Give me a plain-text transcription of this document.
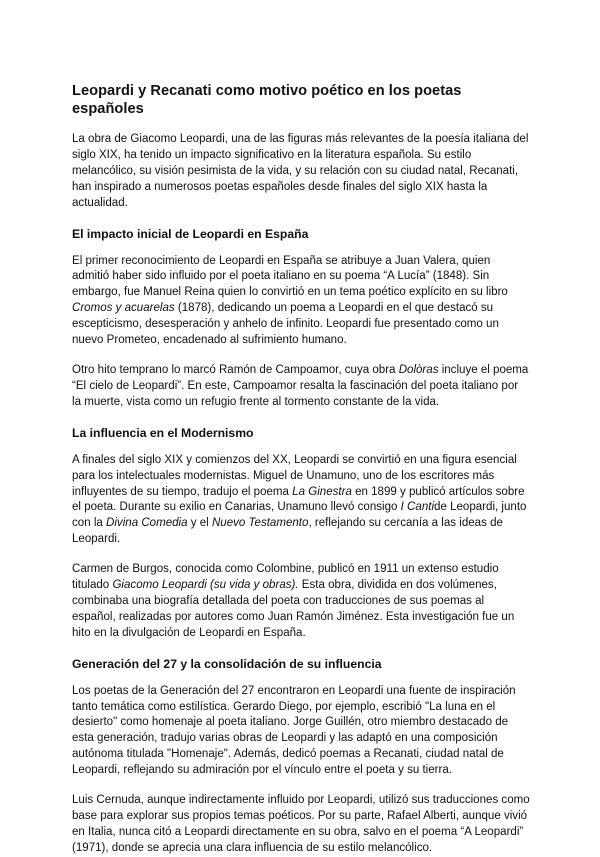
Leopardi y Recanati como motivo poético en los poetas españoles

La obra de Giacomo Leopardi, una de las figuras más relevantes de la poesía italiana del siglo XIX, ha tenido un impacto significativo en la literatura española. Su estilo melancólico, su visión pesimista de la vida, y su relación con su ciudad natal, Recanati, han inspirado a numerosos poetas españoles desde finales del siglo XIX hasta la actualidad.

El impacto inicial de Leopardi en España

El primer reconocimiento de Leopardi en España se atribuye a Juan Valera, quien admitió haber sido influido por el poeta italiano en su poema “A Lucía” (1848). Sin embargo, fue Manuel Reina quien lo convirtió en un tema poético explícito en su libro Cromos y acuarelas (1878), dedicando un poema a Leopardi en el que destacó su escepticismo, desesperación y anhelo de infinito. Leopardi fue presentado como un nuevo Prometeo, encadenado al sufrimiento humano.

Otro hito temprano lo marcó Ramón de Campoamor, cuya obra Dolòras incluye el poema “El cielo de Leopardi”. En este, Campoamor resalta la fascinación del poeta italiano por la muerte, vista como un refugio frente al tormento constante de la vida.

La influencia en el Modernismo

A finales del siglo XIX y comienzos del XX, Leopardi se convirtió en una figura esencial para los intelectuales modernistas. Miguel de Unamuno, uno de los escritores más influyentes de su tiempo, tradujo el poema La Ginestra en 1899 y publicó artículos sobre el poeta. Durante su exilio en Canarias, Unamuno llevó consigo I Cantide Leopardi, junto con la Divina Comedia y el Nuevo Testamento, reflejando su cercanía a las ideas de Leopardi.

Carmen de Burgos, conocida como Colombine, publicó en 1911 un extenso estudio titulado Giacomo Leopardi (su vida y obras). Esta obra, dividida en dos volúmenes, combinaba una biografía detallada del poeta con traducciones de sus poemas al español, realizadas por autores como Juan Ramón Jiménez. Esta investigación fue un hito en la divulgación de Leopardi en España.

Generación del 27 y la consolidación de su influencia

Los poetas de la Generación del 27 encontraron en Leopardi una fuente de inspiración tanto temática como estilística. Gerardo Diego, por ejemplo, escribió "La luna en el desierto" como homenaje al poeta italiano. Jorge Guillén, otro miembro destacado de esta generación, tradujo varias obras de Leopardi y las adaptó en una composición autónoma titulada "Homenaje". Además, dedicó poemas a Recanati, ciudad natal de Leopardi, reflejando su admiración por el vínculo entre el poeta y su tierra.

Luis Cernuda, aunque indirectamente influido por Leopardi, utilizó sus traducciones como base para explorar sus propios temas poéticos. Por su parte, Rafael Alberti, aunque vivió en Italia, nunca citó a Leopardi directamente en su obra, salvo en el poema “A Leopardi” (1971), donde se aprecia una clara influencia de su estilo melancólico.
